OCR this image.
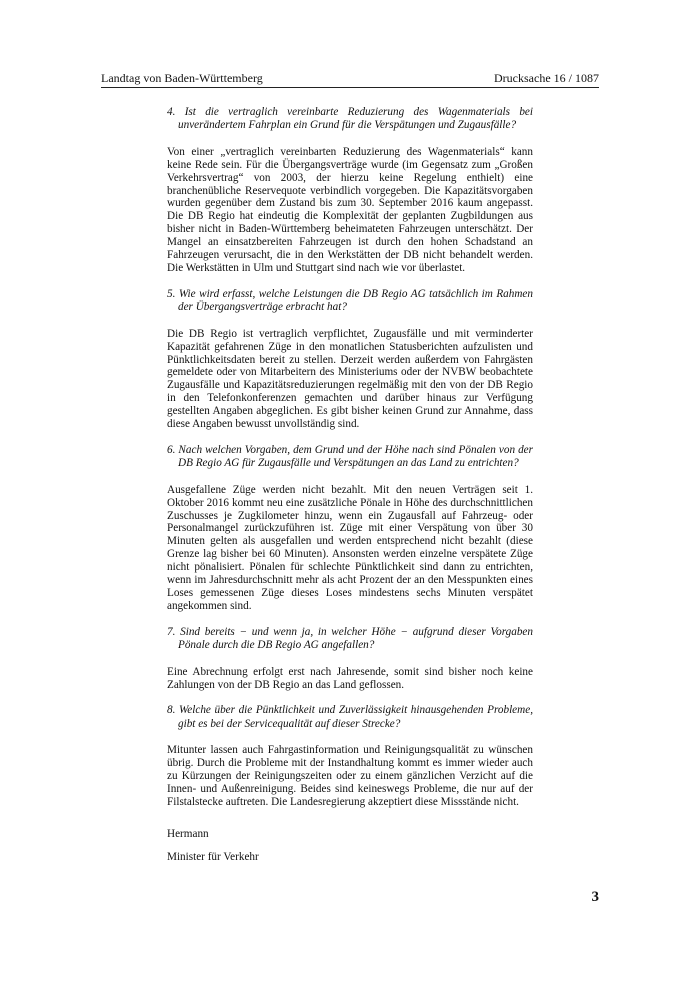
Landtag von Baden-Württemberg	Drucksache 16 / 1087

4. Ist die vertraglich vereinbarte Reduzierung des Wagenmaterials bei unverändertem Fahrplan ein Grund für die Verspätungen und Zugausfälle?

Von einer „vertraglich vereinbarten Reduzierung des Wagenmaterials“ kann keine Rede sein. Für die Übergangsverträge wurde (im Gegensatz zum „Großen Verkehrsvertrag“ von 2003, der hierzu keine Regelung enthielt) eine branchenübliche Reservequote verbindlich vorgegeben. Die Kapazitätsvorgaben wurden gegenüber dem Zustand bis zum 30. September 2016 kaum angepasst. Die DB Regio hat eindeutig die Komplexität der geplanten Zugbildungen aus bisher nicht in Baden-Württemberg beheimateten Fahrzeugen unterschätzt. Der Mangel an einsatzbereiten Fahrzeugen ist durch den hohen Schadstand an Fahrzeugen verursacht, die in den Werkstätten der DB nicht behandelt werden. Die Werkstätten in Ulm und Stuttgart sind nach wie vor überlastet.

5. Wie wird erfasst, welche Leistungen die DB Regio AG tatsächlich im Rahmen der Übergangsverträge erbracht hat?

Die DB Regio ist vertraglich verpflichtet, Zugausfälle und mit verminderter Kapazität gefahrenen Züge in den monatlichen Statusberichten aufzulisten und Pünktlichkeitsdaten bereit zu stellen. Derzeit werden außerdem von Fahrgästen gemeldete oder von Mitarbeitern des Ministeriums oder der NVBW beobachtete Zugausfälle und Kapazitätsreduzierungen regelmäßig mit den von der DB Regio in den Telefonkonferenzen gemachten und darüber hinaus zur Verfügung gestellten Angaben abgeglichen. Es gibt bisher keinen Grund zur Annahme, dass diese Angaben bewusst unvollständig sind.

6. Nach welchen Vorgaben, dem Grund und der Höhe nach sind Pönalen von der DB Regio AG für Zugausfälle und Verspätungen an das Land zu entrichten?

Ausgefallene Züge werden nicht bezahlt. Mit den neuen Verträgen seit 1. Oktober 2016 kommt neu eine zusätzliche Pönale in Höhe des durchschnittlichen Zuschusses je Zugkilometer hinzu, wenn ein Zugausfall auf Fahrzeug- oder Personalmangel zurückzuführen ist. Züge mit einer Verspätung von über 30 Minuten gelten als ausgefallen und werden entsprechend nicht bezahlt (diese Grenze lag bisher bei 60 Minuten). Ansonsten werden einzelne verspätete Züge nicht pönalisiert. Pönalen für schlechte Pünktlichkeit sind dann zu entrichten, wenn im Jahresdurchschnitt mehr als acht Prozent der an den Messpunkten eines Loses gemessenen Züge dieses Loses mindestens sechs Minuten verspätet angekommen sind.

7. Sind bereits − und wenn ja, in welcher Höhe − aufgrund dieser Vorgaben Pönale durch die DB Regio AG angefallen?

Eine Abrechnung erfolgt erst nach Jahresende, somit sind bisher noch keine Zahlungen von der DB Regio an das Land geflossen.

8. Welche über die Pünktlichkeit und Zuverlässigkeit hinausgehenden Probleme, gibt es bei der Servicequalität auf dieser Strecke?

Mitunter lassen auch Fahrgastinformation und Reinigungsqualität zu wünschen übrig. Durch die Probleme mit der Instandhaltung kommt es immer wieder auch zu Kürzungen der Reinigungszeiten oder zu einem gänzlichen Verzicht auf die Innen- und Außenreinigung. Beides sind keineswegs Probleme, die nur auf der Filstalstecke auftreten. Die Landesregierung akzeptiert diese Missstände nicht.

Hermann

Minister für Verkehr

3
